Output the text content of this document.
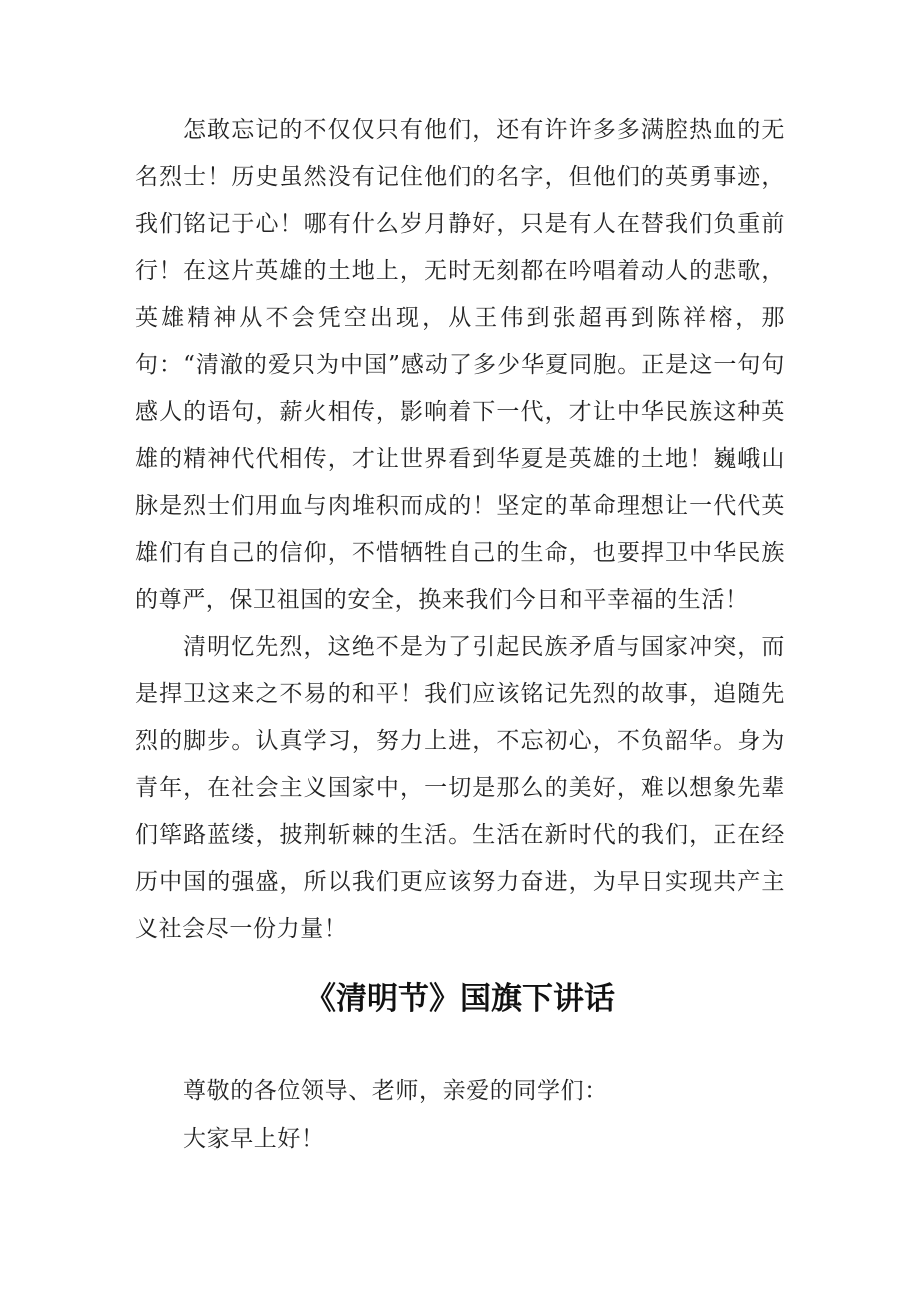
怎敢忘记的不仅仅只有他们，还有许许多多满腔热血的无名烈士！历史虽然没有记住他们的名字，但他们的英勇事迹，我们铭记于心！哪有什么岁月静好，只是有人在替我们负重前行！ 在这片英雄的土地上，无时无刻都在吟唱着动人的悲歌，英雄精神从不会凭空出现，从王伟到张超再到陈祥榕，那句：“清澈的爱只为中国”感动了多少华夏同胞。正是这一句句感人的语句，薪火相传，影响着下一代，才让中华民族这种英雄的精神代代相传，才让世界看到华夏是英雄的土地！巍峨山脉是烈士们用血与肉堆积而成的！坚定的革命理想让一代代英雄们有自己的信仰，不惜牺牲自己的生命，也要捍卫中华民族的尊严，保卫祖国的安全，换来我们今日和平幸福的生活！

清明忆先烈，这绝不是为了引起民族矛盾与国家冲突，而是捍卫这来之不易的和平！我们应该铭记先烈的故事，追随先烈的脚步。认真学习，努力上进，不忘初心，不负韶华。身为青年，在社会主义国家中，一切是那么的美好，难以想象先辈们筚路蓝缕，披荆斩棘的生活。生活在新时代的我们，正在经历中国的强盛，所以我们更应该努力奋进，为早日实现共产主义社会尽一份力量！

《清明节》国旗下讲话

尊敬的各位领导、老师，亲爱的同学们：

大家早上好！
